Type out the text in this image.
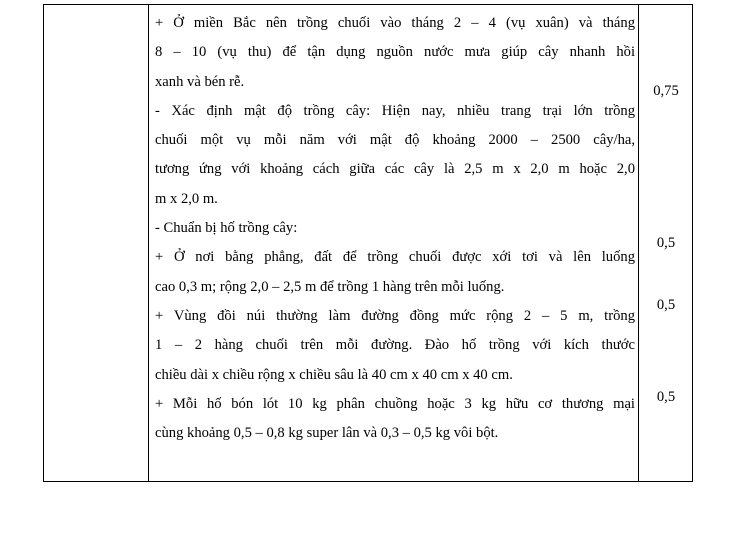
+ Ở miền Bắc nên trồng chuối vào tháng 2 – 4 (vụ xuân) và tháng
8 – 10 (vụ thu) để tận dụng nguồn nước mưa giúp cây nhanh hồi
xanh và bén rễ.
- Xác định mật độ trồng cây: Hiện nay, nhiều trang trại lớn trồng
chuối một vụ mỗi năm với mật độ khoảng 2000 – 2500 cây/ha,
tương ứng với khoảng cách giữa các cây là 2,5 m x 2,0 m hoặc 2,0
m x 2,0 m.
- Chuẩn bị hố trồng cây:
+ Ở nơi bằng phẳng, đất để trồng chuối được xới tơi và lên luống
cao 0,3 m; rộng 2,0 – 2,5 m để trồng 1 hàng trên mỗi luống.
+ Vùng đồi núi thường làm đường đồng mức rộng 2 – 5 m, trồng
1 – 2 hàng chuối trên mỗi đường. Đào hố trồng với kích thước
chiều dài x chiều rộng x chiều sâu là 40 cm x 40 cm x 40 cm.
+ Mỗi hố bón lót 10 kg phân chuồng hoặc 3 kg hữu cơ thương mại
cùng khoảng 0,5 – 0,8 kg super lân và 0,3 – 0,5 kg vôi bột.
0,75
0,5
0,5
0,5
